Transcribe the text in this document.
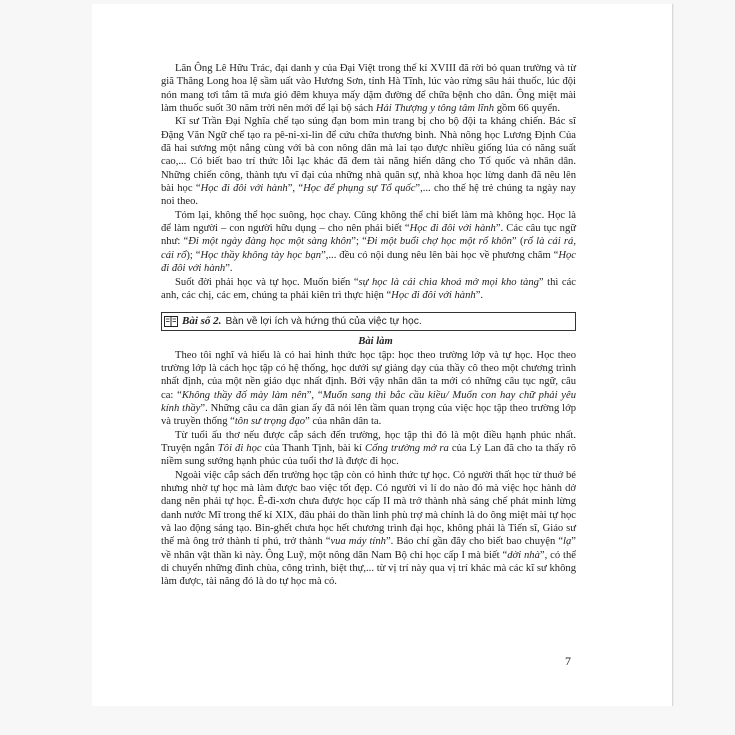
Lãn Ông Lê Hữu Trác, đại danh y của Đại Việt trong thế kỉ XVIII đã rời bỏ quan trường và từ giã Thăng Long hoa lệ sầm uất vào Hương Sơn, tỉnh Hà Tĩnh, lúc vào rừng sâu hái thuốc, lúc đội nón mang tơi tắm tã mưa gió đêm khuya mấy dặm đường để chữa bệnh cho dân. Ông miệt mài làm thuốc suốt 30 năm trời nên mới để lại bộ sách Hải Thượng y tông tâm lĩnh gồm 66 quyển.

Kĩ sư Trần Đại Nghĩa chế tạo súng đạn bom mìn trang bị cho bộ đội ta kháng chiến. Bác sĩ Đặng Văn Ngữ chế tạo ra pê-ni-xi-lin để cứu chữa thương binh. Nhà nông học Lương Định Của đã hai sương một nắng cùng với bà con nông dân mà lai tạo được nhiều giống lúa có năng suất cao,... Có biết bao trí thức lỗi lạc khác đã đem tài năng hiến dâng cho Tổ quốc và nhân dân. Những chiến công, thành tựu vĩ đại của những nhà quân sự, nhà khoa học lừng danh đã nêu lên bài học “Học đi đôi với hành”, “Học để phụng sự Tổ quốc”,... cho thế hệ trẻ chúng ta ngày nay noi theo.

Tóm lại, không thể học suông, học chay. Cũng không thể chỉ biết làm mà không học. Học là để làm người – con người hữu dụng – cho nên phải biết “Học đi đôi với hành”. Các câu tục ngữ như: “Đi một ngày đàng học một sàng khôn”; “Đi một buổi chợ học một rổ khôn” (rổ là cái rá, cái rổ); “Học thầy không tày học bạn”,... đều có nội dung nêu lên bài học về phương châm “Học đi đôi với hành”.

Suốt đời phải học và tự học. Muốn biến “sự học là cái chìa khoá mở mọi kho tàng” thì các anh, các chị, các em, chúng ta phải kiên trì thực hiện “Học đi đôi với hành”.

Bài số 2. Bàn về lợi ích và hứng thú của việc tự học.

Bài làm

Theo tôi nghĩ và hiểu là có hai hình thức học tập: học theo trường lớp và tự học. Học theo trường lớp là cách học tập có hệ thống, học dưới sự giảng dạy của thầy cô theo một chương trình nhất định, của một nền giáo dục nhất định. Bởi vậy nhân dân ta mới có những câu tục ngữ, câu ca: “Không thầy đố mày làm nên”, “Muốn sang thì bắc cầu kiều/ Muốn con hay chữ phải yêu kính thầy”. Những câu ca dân gian ấy đã nói lên tầm quan trọng của việc học tập theo trường lớp và truyền thống “tôn sư trọng đạo” của nhân dân ta.

Từ tuổi ấu thơ nếu được cắp sách đến trường, học tập thì đó là một điều hạnh phúc nhất. Truyện ngắn Tôi đi học của Thanh Tịnh, bài kí Cổng trường mở ra của Lý Lan đã cho ta thấy rõ niềm sung sướng hạnh phúc của tuổi thơ là được đi học.

Ngoài việc cắp sách đến trường học tập còn có hình thức tự học. Có người thất học từ thuở bé nhưng nhờ tự học mà làm được bao việc tốt đẹp. Có người vì lí do nào đó mà việc học hành dở dang nên phải tự học. Ê-đi-xơn chưa được học cấp II mà trở thành nhà sáng chế phát minh lừng danh nước Mĩ trong thế kỉ XIX, đâu phải do thần linh phù trợ mà chính là do ông miệt mài tự học và lao động sáng tạo. Bin-ghết chưa học hết chương trình đại học, không phải là Tiến sĩ, Giáo sư thế mà ông trở thành tỉ phú, trở thành “vua máy tính”. Báo chí gần đây cho biết bao chuyện “lạ” về nhân vật thần kì này. Ông Luỹ, một nông dân Nam Bộ chỉ học cấp I mà biết “dời nhà”, có thể di chuyển những đình chùa, công trình, biệt thự,... từ vị trí này qua vị trí khác mà các kĩ sư không làm được, tài năng đó là do tự học mà có.

7
